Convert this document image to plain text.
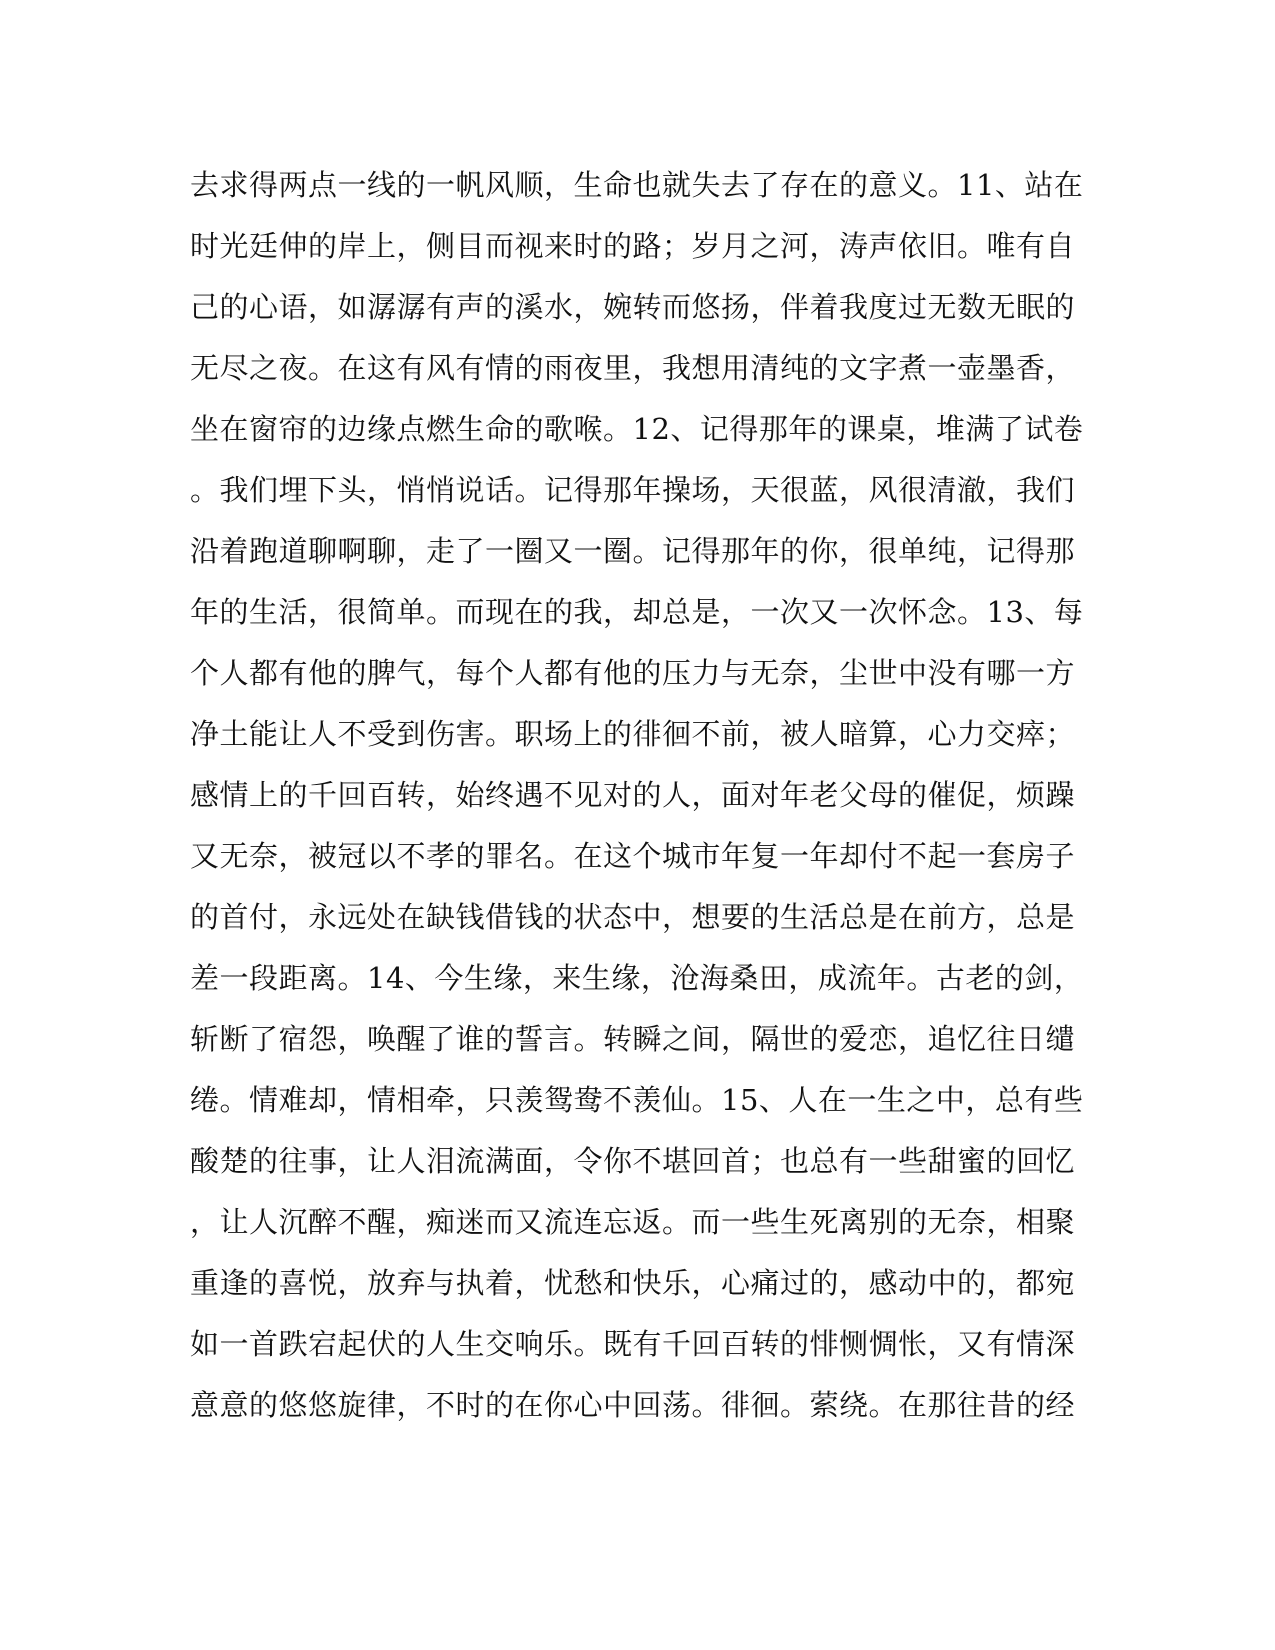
去求得两点一线的一帆风顺，生命也就失去了存在的意义。11、站在
时光廷伸的岸上，侧目而视来时的路；岁月之河，涛声依旧。唯有自
己的心语，如潺潺有声的溪水，婉转而悠扬，伴着我度过无数无眠的
无尽之夜。在这有风有情的雨夜里，我想用清纯的文字煮一壶墨香，
坐在窗帘的边缘点燃生命的歌喉。12、记得那年的课桌，堆满了试卷
。我们埋下头，悄悄说话。记得那年操场，天很蓝，风很清澈，我们
沿着跑道聊啊聊，走了一圈又一圈。记得那年的你，很单纯，记得那
年的生活，很简单。而现在的我，却总是，一次又一次怀念。13、每
个人都有他的脾气，每个人都有他的压力与无奈，尘世中没有哪一方
净土能让人不受到伤害。职场上的徘徊不前，被人暗算，心力交瘁；
感情上的千回百转，始终遇不见对的人，面对年老父母的催促，烦躁
又无奈，被冠以不孝的罪名。在这个城市年复一年却付不起一套房子
的首付，永远处在缺钱借钱的状态中，想要的生活总是在前方，总是
差一段距离。14、今生缘，来生缘，沧海桑田，成流年。古老的剑，
斩断了宿怨，唤醒了谁的誓言。转瞬之间，隔世的爱恋，追忆往日缱
绻。情难却，情相牵，只羡鸳鸯不羡仙。15、人在一生之中，总有些
酸楚的往事，让人泪流满面，令你不堪回首；也总有一些甜蜜的回忆
，让人沉醉不醒，痴迷而又流连忘返。而一些生死离别的无奈，相聚
重逢的喜悦，放弃与执着，忧愁和快乐，心痛过的，感动中的，都宛
如一首跌宕起伏的人生交响乐。既有千回百转的悱恻惆怅，又有情深
意意的悠悠旋律，不时的在你心中回荡。徘徊。萦绕。在那往昔的经
